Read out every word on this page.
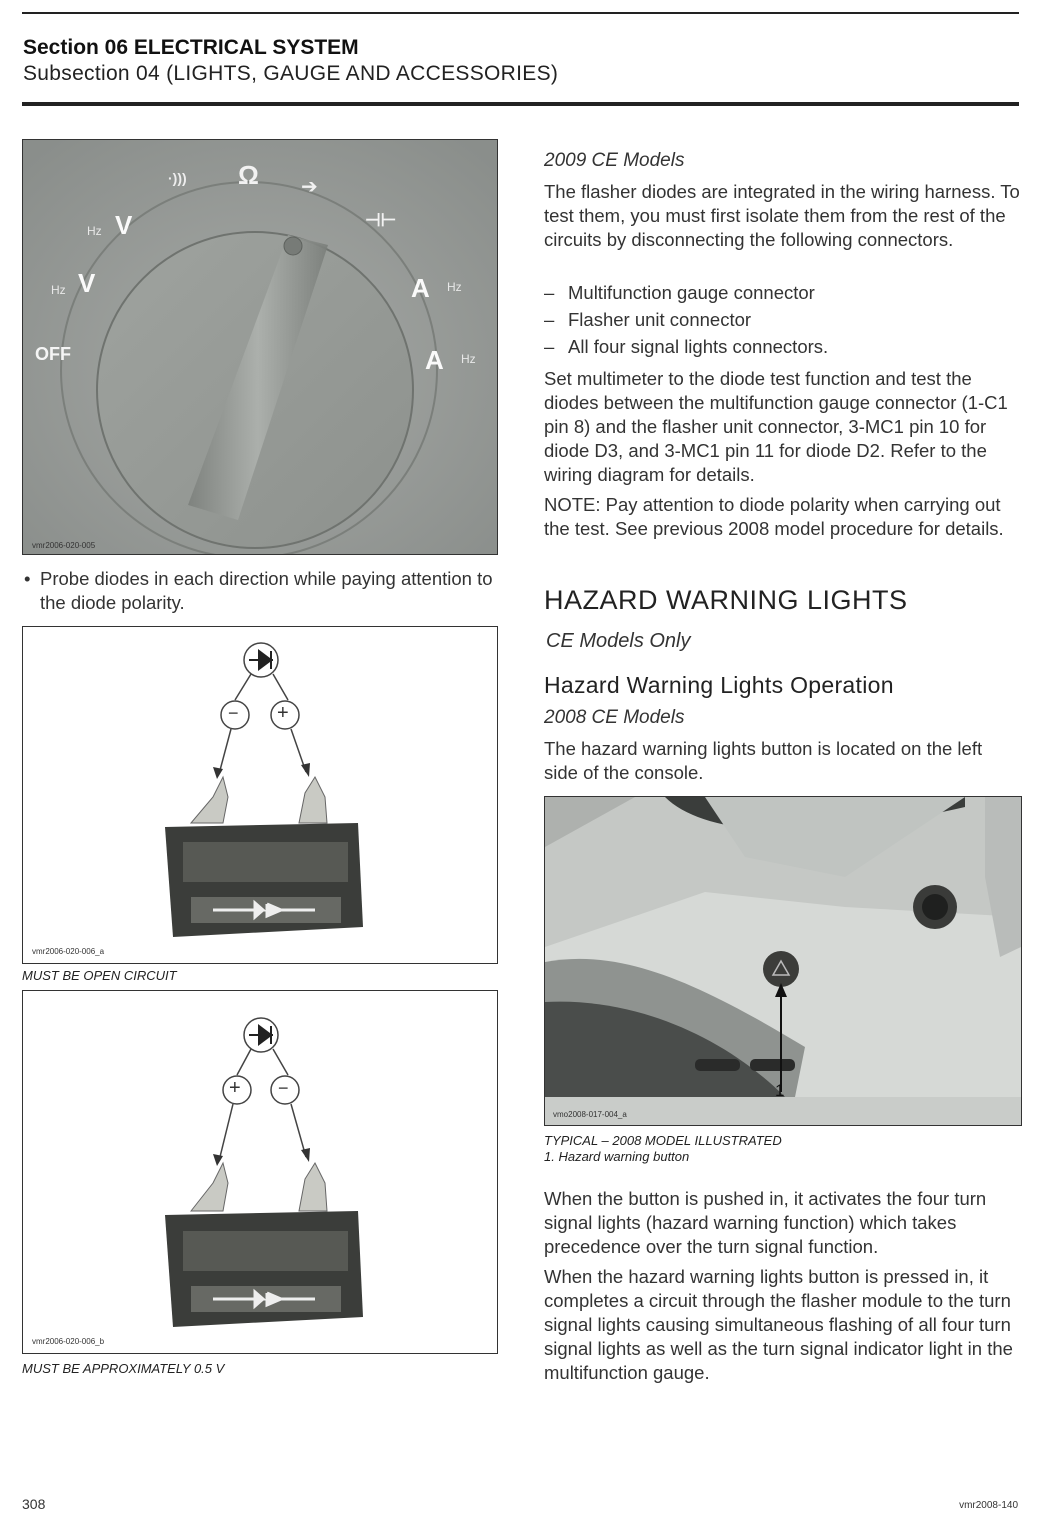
Section 06 ELECTRICAL SYSTEM
Subsection 04 (LIGHTS, GAUGE AND ACCESSORIES)
·))) Ω ➔
⊣⊢
Hz V
Hz V
OFF
A Hz
A Hz
vmr2006-020-005
• Probe diodes in each direction while paying attention to the diode polarity.
− +
vmr2006-020-006_a
MUST BE OPEN CIRCUIT
+ −
vmr2006-020-006_b
MUST BE APPROXIMATELY 0.5 V
2009 CE Models
The flasher diodes are integrated in the wiring harness. To test them, you must first isolate them from the rest of the circuits by disconnecting the following connectors.
– Multifunction gauge connector
– Flasher unit connector
– All four signal lights connectors.
Set multimeter to the diode test function and test the diodes between the multifunction gauge connector (1-C1 pin 8) and the flasher unit connector, 3-MC1 pin 10 for diode D3, and 3-MC1 pin 11 for diode D2. Refer to the wiring diagram for details.
NOTE: Pay attention to diode polarity when carrying out the test. See previous 2008 model procedure for details.
HAZARD WARNING LIGHTS
CE Models Only
Hazard Warning Lights Operation
2008 CE Models
The hazard warning lights button is located on the left side of the console.
1
vmo2008-017-004_a
TYPICAL – 2008 MODEL ILLUSTRATED
1. Hazard warning button
When the button is pushed in, it activates the four turn signal lights (hazard warning function) which takes precedence over the turn signal function.
When the hazard warning lights button is pressed in, it completes a circuit through the flasher module to the turn signal lights causing simultaneous flashing of all four turn signal lights as well as the turn signal indicator light in the multifunction gauge.
308	vmr2008-140
